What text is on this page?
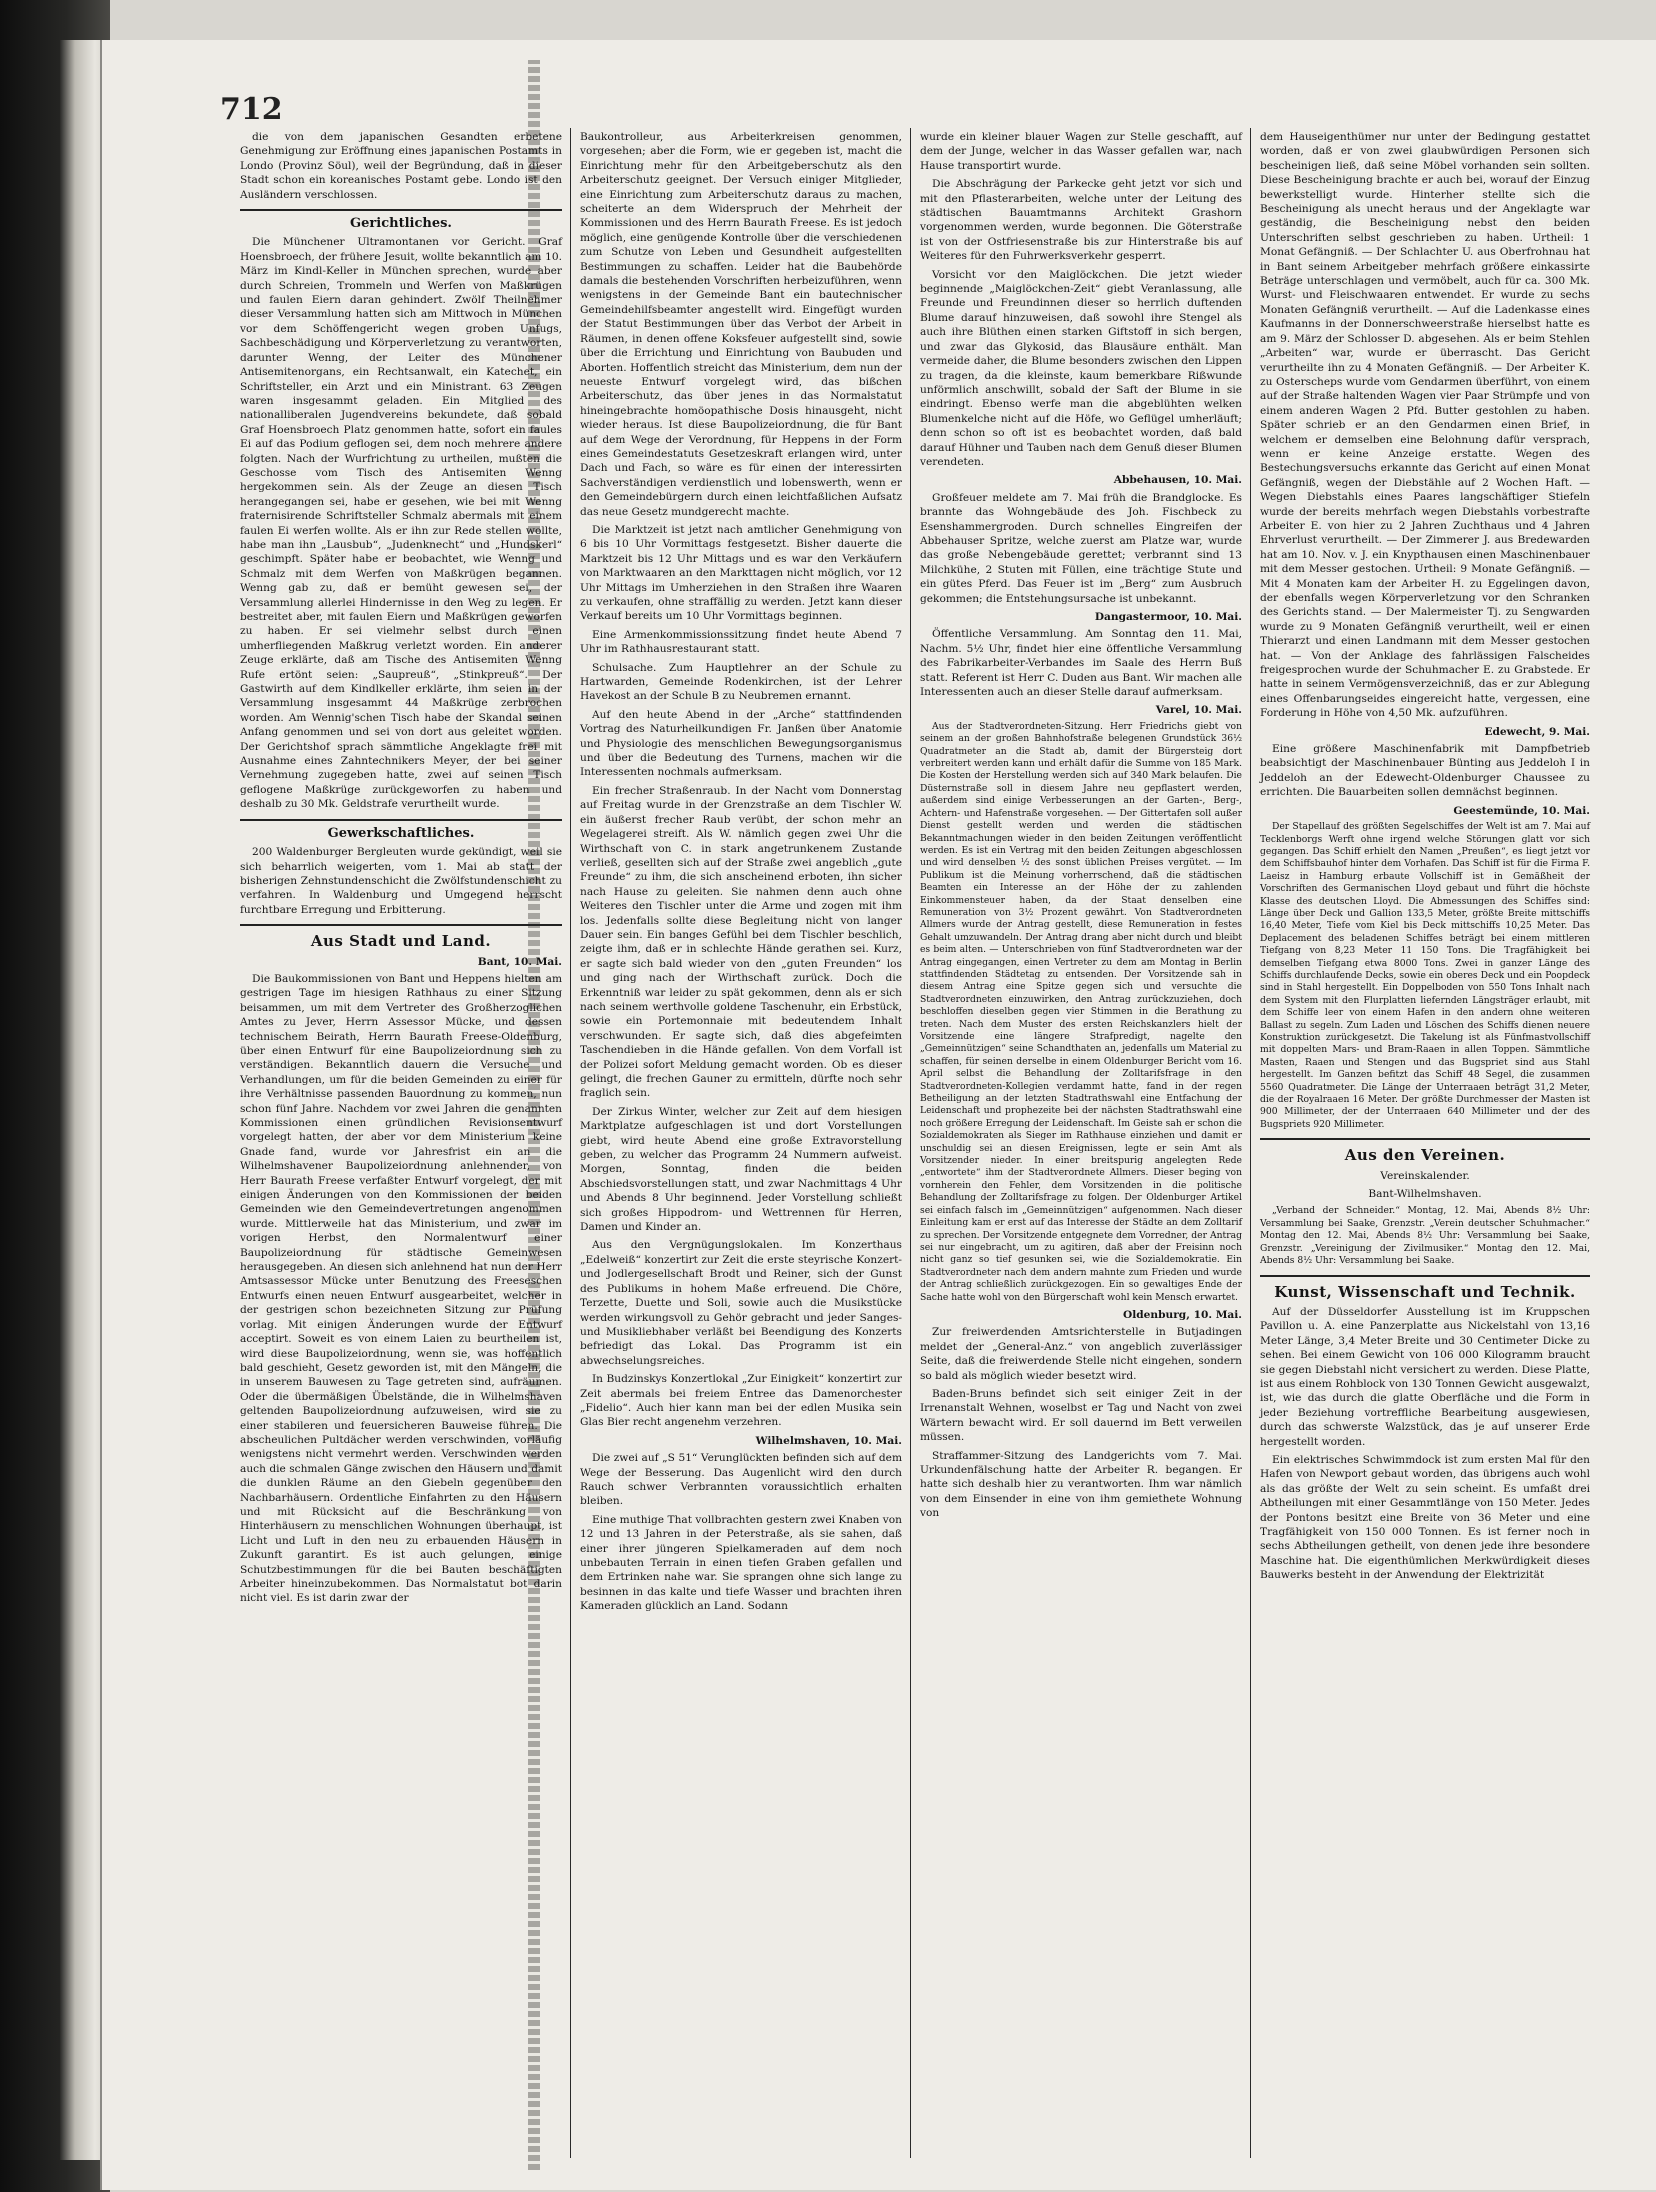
712

die von dem japanischen Gesandten erbetene Genehmigung zur Eröffnung eines japanischen Postamts in Londo (Provinz Söul), weil der Begründung, daß in dieser Stadt schon ein koreanisches Postamt gebe. Londo ist den Ausländern verschlossen.

Gerichtliches.

Die Münchener Ultramontanen vor Gericht. Graf Hoensbroech, der frühere Jesuit, wollte bekanntlich am 10. März im Kindl-Keller in München sprechen, wurde aber durch Schreien, Trommeln und Werfen von Maßkrügen und faulen Eiern daran gehindert. Zwölf Theilnehmer dieser Versammlung hatten sich am Mittwoch in München vor dem Schöffengericht wegen groben Unfugs, Sachbeschädigung und Körperverletzung zu verantworten, darunter Wenng, der Leiter des Münchener Antisemitenorgans, ein Rechtsanwalt, ein Katechet, ein Schriftsteller, ein Arzt und ein Ministrant. 63 Zeugen waren insgesammt geladen. Ein Mitglied des nationalliberalen Jugendvereins bekundete, daß sobald Graf Hoensbroech Platz genommen hatte, sofort ein faules Ei auf das Podium geflogen sei, dem noch mehrere andere folgten. Nach der Wurfrichtung zu urtheilen, mußten die Geschosse vom Tisch des Antisemiten Wenng hergekommen sein. Als der Zeuge an diesen Tisch herangegangen sei, habe er gesehen, wie bei mit Wenng fraternisirende Schriftsteller Schmalz abermals mit einem faulen Ei werfen wollte. Als er ihn zur Rede stellen wollte, habe man ihn „Lausbub“, „Judenknecht“ und „Hundskerl“ geschimpft. Später habe er beobachtet, wie Wenng und Schmalz mit dem Werfen von Maßkrügen begannen. Wenng gab zu, daß er bemüht gewesen sei, der Versammlung allerlei Hindernisse in den Weg zu legen. Er bestreitet aber, mit faulen Eiern und Maßkrügen geworfen zu haben. Er sei vielmehr selbst durch einen umherfliegenden Maßkrug verletzt worden. Ein anderer Zeuge erklärte, daß am Tische des Antisemiten Wenng Rufe ertönt seien: „Saupreuß“, „Stinkpreuß“. Der Gastwirth auf dem Kindlkeller erklärte, ihm seien in der Versammlung insgesammt 44 Maßkrüge zerbrochen worden. Am Wennig'schen Tisch habe der Skandal seinen Anfang genommen und sei von dort aus geleitet worden. Der Gerichtshof sprach sämmtliche Angeklagte frei mit Ausnahme eines Zahntechnikers Meyer, der bei seiner Vernehmung zugegeben hatte, zwei auf seinen Tisch geflogene Maßkrüge zurückgeworfen zu haben und deshalb zu 30 Mk. Geldstrafe verurtheilt wurde.

Gewerkschaftliches.

200 Waldenburger Bergleuten wurde gekündigt, weil sie sich beharrlich weigerten, vom 1. Mai ab statt der bisherigen Zehnstundenschicht die Zwölfstundenschicht zu verfahren. In Waldenburg und Umgegend herrscht furchtbare Erregung und Erbitterung.

Aus Stadt und Land.

Bant, 10. Mai.

Die Baukommissionen von Bant und Heppens hielten am gestrigen Tage im hiesigen Rathhaus zu einer Sitzung beisammen, um mit dem Vertreter des Großherzoglichen Amtes zu Jever, Herrn Assessor Mücke, und dessen technischem Beirath, Herrn Baurath Freese-Oldenburg, über einen Entwurf für eine Baupolizeiordnung sich zu verständigen. Bekanntlich dauern die Versuche und Verhandlungen, um für die beiden Gemeinden zu einer für ihre Verhältnisse passenden Bauordnung zu kommen, nun schon fünf Jahre. Nachdem vor zwei Jahren die genannten Kommissionen einen gründlichen Revisionsentwurf vorgelegt hatten, der aber vor dem Ministerium keine Gnade fand, wurde vor Jahresfrist ein an die Wilhelmshavener Baupolizeiordnung anlehnender, von Herr Baurath Freese verfaßter Entwurf vorgelegt, der mit einigen Änderungen von den Kommissionen der beiden Gemeinden wie den Gemeindevertretungen angenommen wurde. Mittlerweile hat das Ministerium, und zwar im vorigen Herbst, den Normalentwurf einer Baupolizeiordnung für städtische Gemeinwesen herausgegeben. An diesen sich anlehnend hat nun der Herr Amtsassessor Mücke unter Benutzung des Freeseschen Entwurfs einen neuen Entwurf ausgearbeitet, welcher in der gestrigen schon bezeichneten Sitzung zur Prüfung vorlag. Mit einigen Änderungen wurde der Entwurf acceptirt. Soweit es von einem Laien zu beurtheilen ist, wird diese Baupolizeiordnung, wenn sie, was hoffentlich bald geschieht, Gesetz geworden ist, mit den Mängeln, die in unserem Bauwesen zu Tage getreten sind, aufräumen. Oder die übermäßigen Übelstände, die in Wilhelmshaven geltenden Baupolizeiordnung aufzuweisen, wird sie zu einer stabileren und feuersicheren Bauweise führen. Die abscheulichen Pultdächer werden verschwinden, vorläufig wenigstens nicht vermehrt werden. Verschwinden werden auch die schmalen Gänge zwischen den Häusern und damit die dunklen Räume an den Giebeln gegenüber den Nachbarhäusern. Ordentliche Einfahrten zu den Häusern und mit Rücksicht auf die Beschränkung von Hinterhäusern zu menschlichen Wohnungen überhaupt, ist Licht und Luft in den neu zu erbauenden Häusern in Zukunft garantirt. Es ist auch gelungen, einige Schutzbestimmungen für die bei Bauten beschäftigten Arbeiter hineinzubekommen. Das Normalstatut bot darin nicht viel. Es ist darin zwar der

Baukontrolleur, aus Arbeiterkreisen genommen, vorgesehen; aber die Form, wie er gegeben ist, macht die Einrichtung mehr für den Arbeitgeberschutz als den Arbeiterschutz geeignet. Der Versuch einiger Mitglieder, eine Einrichtung zum Arbeiterschutz daraus zu machen, scheiterte an dem Widerspruch der Mehrheit der Kommissionen und des Herrn Baurath Freese. Es ist jedoch möglich, eine genügende Kontrolle über die verschiedenen zum Schutze von Leben und Gesundheit aufgestellten Bestimmungen zu schaffen. Leider hat die Baubehörde damals die bestehenden Vorschriften herbeizuführen, wenn wenigstens in der Gemeinde Bant ein bautechnischer Gemeindehilfsbeamter angestellt wird. Eingefügt wurden der Statut Bestimmungen über das Verbot der Arbeit in Räumen, in denen offene Koksfeuer aufgestellt sind, sowie über die Errichtung und Einrichtung von Baubuden und Aborten. Hoffentlich streicht das Ministerium, dem nun der neueste Entwurf vorgelegt wird, das bißchen Arbeiterschutz, das über jenes in das Normalstatut hineingebrachte homöopathische Dosis hinausgeht, nicht wieder heraus. Ist diese Baupolizeiordnung, die für Bant auf dem Wege der Verordnung, für Heppens in der Form eines Gemeindestatuts Gesetzeskraft erlangen wird, unter Dach und Fach, so wäre es für einen der interessirten Sachverständigen verdienstlich und lobenswerth, wenn er den Gemeindebürgern durch einen leichtfaßlichen Aufsatz das neue Gesetz mundgerecht machte.

Die Marktzeit ist jetzt nach amtlicher Genehmigung von 6 bis 10 Uhr Vormittags festgesetzt. Bisher dauerte die Marktzeit bis 12 Uhr Mittags und es war den Verkäufern von Marktwaaren an den Markttagen nicht möglich, vor 12 Uhr Mittags im Umherziehen in den Straßen ihre Waaren zu verkaufen, ohne straffällig zu werden. Jetzt kann dieser Verkauf bereits um 10 Uhr Vormittags beginnen.

Eine Armenkommissionssitzung findet heute Abend 7 Uhr im Rathhausrestaurant statt.

Schulsache. Zum Hauptlehrer an der Schule zu Hartwarden, Gemeinde Rodenkirchen, ist der Lehrer Havekost an der Schule B zu Neubremen ernannt.

Auf den heute Abend in der „Arche“ stattfindenden Vortrag des Naturheilkundigen Fr. Janßen über Anatomie und Physiologie des menschlichen Bewegungsorganismus und über die Bedeutung des Turnens, machen wir die Interessenten nochmals aufmerksam.

Ein frecher Straßenraub. In der Nacht vom Donnerstag auf Freitag wurde in der Grenzstraße an dem Tischler W. ein äußerst frecher Raub verübt, der schon mehr an Wegelagerei streift. Als W. nämlich gegen zwei Uhr die Wirthschaft von C. in stark angetrunkenem Zustande verließ, gesellten sich auf der Straße zwei angeblich „gute Freunde“ zu ihm, die sich anscheinend erboten, ihn sicher nach Hause zu geleiten. Sie nahmen denn auch ohne Weiteres den Tischler unter die Arme und zogen mit ihm los. Jedenfalls sollte diese Begleitung nicht von langer Dauer sein. Ein banges Gefühl bei dem Tischler beschlich, zeigte ihm, daß er in schlechte Hände gerathen sei. Kurz, er sagte sich bald wieder von den „guten Freunden“ los und ging nach der Wirthschaft zurück. Doch die Erkenntniß war leider zu spät gekommen, denn als er sich nach seinem werthvolle goldene Taschenuhr, ein Erbstück, sowie ein Portemonnaie mit bedeutendem Inhalt verschwunden. Er sagte sich, daß dies abgefeimten Taschendieben in die Hände gefallen. Von dem Vorfall ist der Polizei sofort Meldung gemacht worden. Ob es dieser gelingt, die frechen Gauner zu ermitteln, dürfte noch sehr fraglich sein.

Der Zirkus Winter, welcher zur Zeit auf dem hiesigen Marktplatze aufgeschlagen ist und dort Vorstellungen giebt, wird heute Abend eine große Extravorstellung geben, zu welcher das Programm 24 Nummern aufweist. Morgen, Sonntag, finden die beiden Abschiedsvorstellungen statt, und zwar Nachmittags 4 Uhr und Abends 8 Uhr beginnend. Jeder Vorstellung schließt sich großes Hippodrom- und Wettrennen für Herren, Damen und Kinder an.

Aus den Vergnügungslokalen. Im Konzerthaus „Edelweiß“ konzertirt zur Zeit die erste steyrische Konzert- und Jodlergesellschaft Brodt und Reiner, sich der Gunst des Publikums in hohem Maße erfreuend. Die Chöre, Terzette, Duette und Soli, sowie auch die Musikstücke werden wirkungsvoll zu Gehör gebracht und jeder Sanges- und Musikliebhaber verläßt bei Beendigung des Konzerts befriedigt das Lokal. Das Programm ist ein abwechselungsreiches.

In Budzinskys Konzertlokal „Zur Einigkeit“ konzertirt zur Zeit abermals bei freiem Entree das Damenorchester „Fidelio“. Auch hier kann man bei der edlen Musika sein Glas Bier recht angenehm verzehren.

Wilhelmshaven, 10. Mai.

Die zwei auf „S 51“ Verunglückten befinden sich auf dem Wege der Besserung. Das Augenlicht wird den durch Rauch schwer Verbrannten voraussichtlich erhalten bleiben.

Eine muthige That vollbrachten gestern zwei Knaben von 12 und 13 Jahren in der Peterstraße, als sie sahen, daß einer ihrer jüngeren Spielkameraden auf dem noch unbebauten Terrain in einen tiefen Graben gefallen und dem Ertrinken nahe war. Sie sprangen ohne sich lange zu besinnen in das kalte und tiefe Wasser und brachten ihren Kameraden glücklich an Land. Sodann

wurde ein kleiner blauer Wagen zur Stelle geschafft, auf dem der Junge, welcher in das Wasser gefallen war, nach Hause transportirt wurde.

Die Abschrägung der Parkecke geht jetzt vor sich und mit den Pflasterarbeiten, welche unter der Leitung des städtischen Bauamtmanns Architekt Grashorn vorgenommen werden, wurde begonnen. Die Göterstraße ist von der Ostfriesenstraße bis zur Hinterstraße bis auf Weiteres für den Fuhrwerksverkehr gesperrt.

Vorsicht vor den Maiglöckchen. Die jetzt wieder beginnende „Maiglöckchen-Zeit“ giebt Veranlassung, alle Freunde und Freundinnen dieser so herrlich duftenden Blume darauf hinzuweisen, daß sowohl ihre Stengel als auch ihre Blüthen einen starken Giftstoff in sich bergen, und zwar das Glykosid, das Blausäure enthält. Man vermeide daher, die Blume besonders zwischen den Lippen zu tragen, da die kleinste, kaum bemerkbare Rißwunde unförmlich anschwillt, sobald der Saft der Blume in sie eindringt. Ebenso werfe man die abgeblühten welken Blumenkelche nicht auf die Höfe, wo Geflügel umherläuft; denn schon so oft ist es beobachtet worden, daß bald darauf Hühner und Tauben nach dem Genuß dieser Blumen verendeten.

Abbehausen, 10. Mai.

Großfeuer meldete am 7. Mai früh die Brandglocke. Es brannte das Wohngebäude des Joh. Fischbeck zu Esenshammergroden. Durch schnelles Eingreifen der Abbehauser Spritze, welche zuerst am Platze war, wurde das große Nebengebäude gerettet; verbrannt sind 13 Milchkühe, 2 Stuten mit Füllen, eine trächtige Stute und ein gütes Pferd. Das Feuer ist im „Berg“ zum Ausbruch gekommen; die Entstehungsursache ist unbekannt.

Dangastermoor, 10. Mai.

Öffentliche Versammlung. Am Sonntag den 11. Mai, Nachm. 5½ Uhr, findet hier eine öffentliche Versammlung des Fabrikarbeiter-Verbandes im Saale des Herrn Buß statt. Referent ist Herr C. Duden aus Bant. Wir machen alle Interessenten auch an dieser Stelle darauf aufmerksam.

Varel, 10. Mai.

Aus der Stadtverordneten-Sitzung. Herr Friedrichs giebt von seinem an der großen Bahnhofstraße belegenen Grundstück 36½ Quadratmeter an die Stadt ab, damit der Bürgersteig dort verbreitert werden kann und erhält dafür die Summe von 185 Mark. Die Kosten der Herstellung werden sich auf 340 Mark belaufen. Die Düsternstraße soll in diesem Jahre neu gepflastert werden, außerdem sind einige Verbesserungen an der Garten-, Berg-, Achtern- und Hafenstraße vorgesehen. — Der Gittertafen soll außer Dienst gestellt werden und werden die städtischen Bekanntmachungen wieder in den beiden Zeitungen veröffentlicht werden. Es ist ein Vertrag mit den beiden Zeitungen abgeschlossen und wird denselben ½ des sonst üblichen Preises vergütet. — Im Publikum ist die Meinung vorherrschend, daß die städtischen Beamten ein Interesse an der Höhe der zu zahlenden Einkommensteuer haben, da der Staat denselben eine Remuneration von 3½ Prozent gewährt. Von Stadtverordneten Allmers wurde der Antrag gestellt, diese Remuneration in festes Gehalt umzuwandeln. Der Antrag drang aber nicht durch und bleibt es beim alten. — Unterschrieben von fünf Stadtverordneten war der Antrag eingegangen, einen Vertreter zu dem am Montag in Berlin stattfindenden Städtetag zu entsenden. Der Vorsitzende sah in diesem Antrag eine Spitze gegen sich und versuchte die Stadtverordneten einzuwirken, den Antrag zurückzuziehen, doch beschloffen dieselben gegen vier Stimmen in die Berathung zu treten. Nach dem Muster des ersten Reichskanzlers hielt der Vorsitzende eine längere Strafpredigt, nagelte den „Gemeinnützigen“ seine Schandthaten an, jedenfalls um Material zu schaffen, für seinen derselbe in einem Oldenburger Bericht vom 16. April selbst die Behandlung der Zolltarifsfrage in den Stadtverordneten-Kollegien verdammt hatte, fand in der regen Betheiligung an der letzten Stadtrathswahl eine Entfachung der Leidenschaft und prophezeite bei der nächsten Stadtrathswahl eine noch größere Erregung der Leidenschaft. Im Geiste sah er schon die Sozialdemokraten als Sieger im Rathhause einziehen und damit er unschuldig sei an diesen Ereignissen, legte er sein Amt als Vorsitzender nieder. In einer breitspurig angelegten Rede „entwortete“ ihm der Stadtverordnete Allmers. Dieser beging von vornherein den Fehler, dem Vorsitzenden in die politische Behandlung der Zolltarifsfrage zu folgen. Der Oldenburger Artikel sei einfach falsch im „Gemeinnützigen“ aufgenommen. Nach dieser Einleitung kam er erst auf das Interesse der Städte an dem Zolltarif zu sprechen. Der Vorsitzende entgegnete dem Vorredner, der Antrag sei nur eingebracht, um zu agitiren, daß aber der Freisinn noch nicht ganz so tief gesunken sei, wie die Sozialdemokratie. Ein Stadtverordneter nach dem andern mahnte zum Frieden und wurde der Antrag schließlich zurückgezogen. Ein so gewaltiges Ende der Sache hatte wohl von den Bürgerschaft wohl kein Mensch erwartet.

Oldenburg, 10. Mai.

Zur freiwerdenden Amtsrichterstelle in Butjadingen meldet der „General-Anz.“ von angeblich zuverlässiger Seite, daß die freiwerdende Stelle nicht eingehen, sondern so bald als möglich wieder besetzt wird.

Baden-Bruns befindet sich seit einiger Zeit in der Irrenanstalt Wehnen, woselbst er Tag und Nacht von zwei Wärtern bewacht wird. Er soll dauernd im Bett verweilen müssen.

Straffammer-Sitzung des Landgerichts vom 7. Mai. Urkundenfälschung hatte der Arbeiter R. begangen. Er hatte sich deshalb hier zu verantworten. Ihm war nämlich von dem Einsender in eine von ihm gemiethete Wohnung von

dem Hauseigenthümer nur unter der Bedingung gestattet worden, daß er von zwei glaubwürdigen Personen sich bescheinigen ließ, daß seine Möbel vorhanden sein sollten. Diese Bescheinigung brachte er auch bei, worauf der Einzug bewerkstelligt wurde. Hinterher stellte sich die Bescheinigung als unecht heraus und der Angeklagte war geständig, die Bescheinigung nebst den beiden Unterschriften selbst geschrieben zu haben. Urtheil: 1 Monat Gefängniß. — Der Schlachter U. aus Oberfrohnau hat in Bant seinem Arbeitgeber mehrfach größere einkassirte Beträge unterschlagen und vermöbelt, auch für ca. 300 Mk. Wurst- und Fleischwaaren entwendet. Er wurde zu sechs Monaten Gefängniß verurtheilt. — Auf die Ladenkasse eines Kaufmanns in der Donnerschweerstraße hierselbst hatte es am 9. März der Schlosser D. abgesehen. Als er beim Stehlen „Arbeiten“ war, wurde er überrascht. Das Gericht verurtheilte ihn zu 4 Monaten Gefängniß. — Der Arbeiter K. zu Osterscheps wurde vom Gendarmen überführt, von einem auf der Straße haltenden Wagen vier Paar Strümpfe und von einem anderen Wagen 2 Pfd. Butter gestohlen zu haben. Später schrieb er an den Gendarmen einen Brief, in welchem er demselben eine Belohnung dafür versprach, wenn er keine Anzeige erstatte. Wegen des Bestechungsversuchs erkannte das Gericht auf einen Monat Gefängniß, wegen der Diebstähle auf 2 Wochen Haft. — Wegen Diebstahls eines Paares langschäftiger Stiefeln wurde der bereits mehrfach wegen Diebstahls vorbestrafte Arbeiter E. von hier zu 2 Jahren Zuchthaus und 4 Jahren Ehrverlust verurtheilt. — Der Zimmerer J. aus Bredewarden hat am 10. Nov. v. J. ein Knypthausen einen Maschinenbauer mit dem Messer gestochen. Urtheil: 9 Monate Gefängniß. — Mit 4 Monaten kam der Arbeiter H. zu Eggelingen davon, der ebenfalls wegen Körperverletzung vor den Schranken des Gerichts stand. — Der Malermeister Tj. zu Sengwarden wurde zu 9 Monaten Gefängniß verurtheilt, weil er einen Thierarzt und einen Landmann mit dem Messer gestochen hat. — Von der Anklage des fahrlässigen Falscheides freigesprochen wurde der Schuhmacher E. zu Grabstede. Er hatte in seinem Vermögensverzeichniß, das er zur Ablegung eines Offenbarungseides eingereicht hatte, vergessen, eine Forderung in Höhe von 4,50 Mk. aufzuführen.

Edewecht, 9. Mai.

Eine größere Maschinenfabrik mit Dampfbetrieb beabsichtigt der Maschinenbauer Bünting aus Jeddeloh I in Jeddeloh an der Edewecht-Oldenburger Chaussee zu errichten. Die Bauarbeiten sollen demnächst beginnen.

Geestemünde, 10. Mai.

Der Stapellauf des größten Segelschiffes der Welt ist am 7. Mai auf Tecklenborgs Werft ohne irgend welche Störungen glatt vor sich gegangen. Das Schiff erhielt den Namen „Preußen“, es liegt jetzt vor dem Schiffsbauhof hinter dem Vorhafen. Das Schiff ist für die Firma F. Laeisz in Hamburg erbaute Vollschiff ist in Gemäßheit der Vorschriften des Germanischen Lloyd gebaut und führt die höchste Klasse des deutschen Lloyd. Die Abmessungen des Schiffes sind: Länge über Deck und Gallion 133,5 Meter, größte Breite mittschiffs 16,40 Meter, Tiefe vom Kiel bis Deck mittschiffs 10,25 Meter. Das Deplacement des beladenen Schiffes beträgt bei einem mittleren Tiefgang von 8,23 Meter 11 150 Tons. Die Tragfähigkeit bei demselben Tiefgang etwa 8000 Tons. Zwei in ganzer Länge des Schiffs durchlaufende Decks, sowie ein oberes Deck und ein Poopdeck sind in Stahl hergestellt. Ein Doppelboden von 550 Tons Inhalt nach dem System mit den Flurplatten liefernden Längsträger erlaubt, mit dem Schiffe leer von einem Hafen in den andern ohne weiteren Ballast zu segeln. Zum Laden und Löschen des Schiffs dienen neuere Konstruktion zurückgesetzt. Die Takelung ist als Fünfmastvollschiff mit doppelten Mars- und Bram-Raaen in allen Toppen. Sämmtliche Masten, Raaen und Stengen und das Bugspriet sind aus Stahl hergestellt. Im Ganzen befitzt das Schiff 48 Segel, die zusammen 5560 Quadratmeter. Die Länge der Unterraaen beträgt 31,2 Meter, die der Royalraaen 16 Meter. Der größte Durchmesser der Masten ist 900 Millimeter, der der Unterraaen 640 Millimeter und der des Bugspriets 920 Millimeter.

Aus den Vereinen.

Vereinskalender.

Bant-Wilhelmshaven.

„Verband der Schneider.“ Montag, 12. Mai, Abends 8½ Uhr: Versammlung bei Saake, Grenzstr. „Verein deutscher Schuhmacher.“ Montag den 12. Mai, Abends 8½ Uhr: Versammlung bei Saake, Grenzstr. „Vereinigung der Zivilmusiker.“ Montag den 12. Mai, Abends 8½ Uhr: Versammlung bei Saake.

Kunst, Wissenschaft und Technik.

Auf der Düsseldorfer Ausstellung ist im Kruppschen Pavillon u. A. eine Panzerplatte aus Nickelstahl von 13,16 Meter Länge, 3,4 Meter Breite und 30 Centimeter Dicke zu sehen. Bei einem Gewicht von 106 000 Kilogramm braucht sie gegen Diebstahl nicht versichert zu werden. Diese Platte, ist aus einem Rohblock von 130 Tonnen Gewicht ausgewalzt, ist, wie das durch die glatte Oberfläche und die Form in jeder Beziehung vortreffliche Bearbeitung ausgewiesen, durch das schwerste Walzstück, das je auf unserer Erde hergestellt worden.

Ein elektrisches Schwimmdock ist zum ersten Mal für den Hafen von Newport gebaut worden, das übrigens auch wohl als das größte der Welt zu sein scheint. Es umfaßt drei Abtheilungen mit einer Gesammtlänge von 150 Meter. Jedes der Pontons besitzt eine Breite von 36 Meter und eine Tragfähigkeit von 150 000 Tonnen. Es ist ferner noch in sechs Abtheilungen getheilt, von denen jede ihre besondere Maschine hat. Die eigenthümlichen Merkwürdigkeit dieses Bauwerks besteht in der Anwendung der Elektrizität
